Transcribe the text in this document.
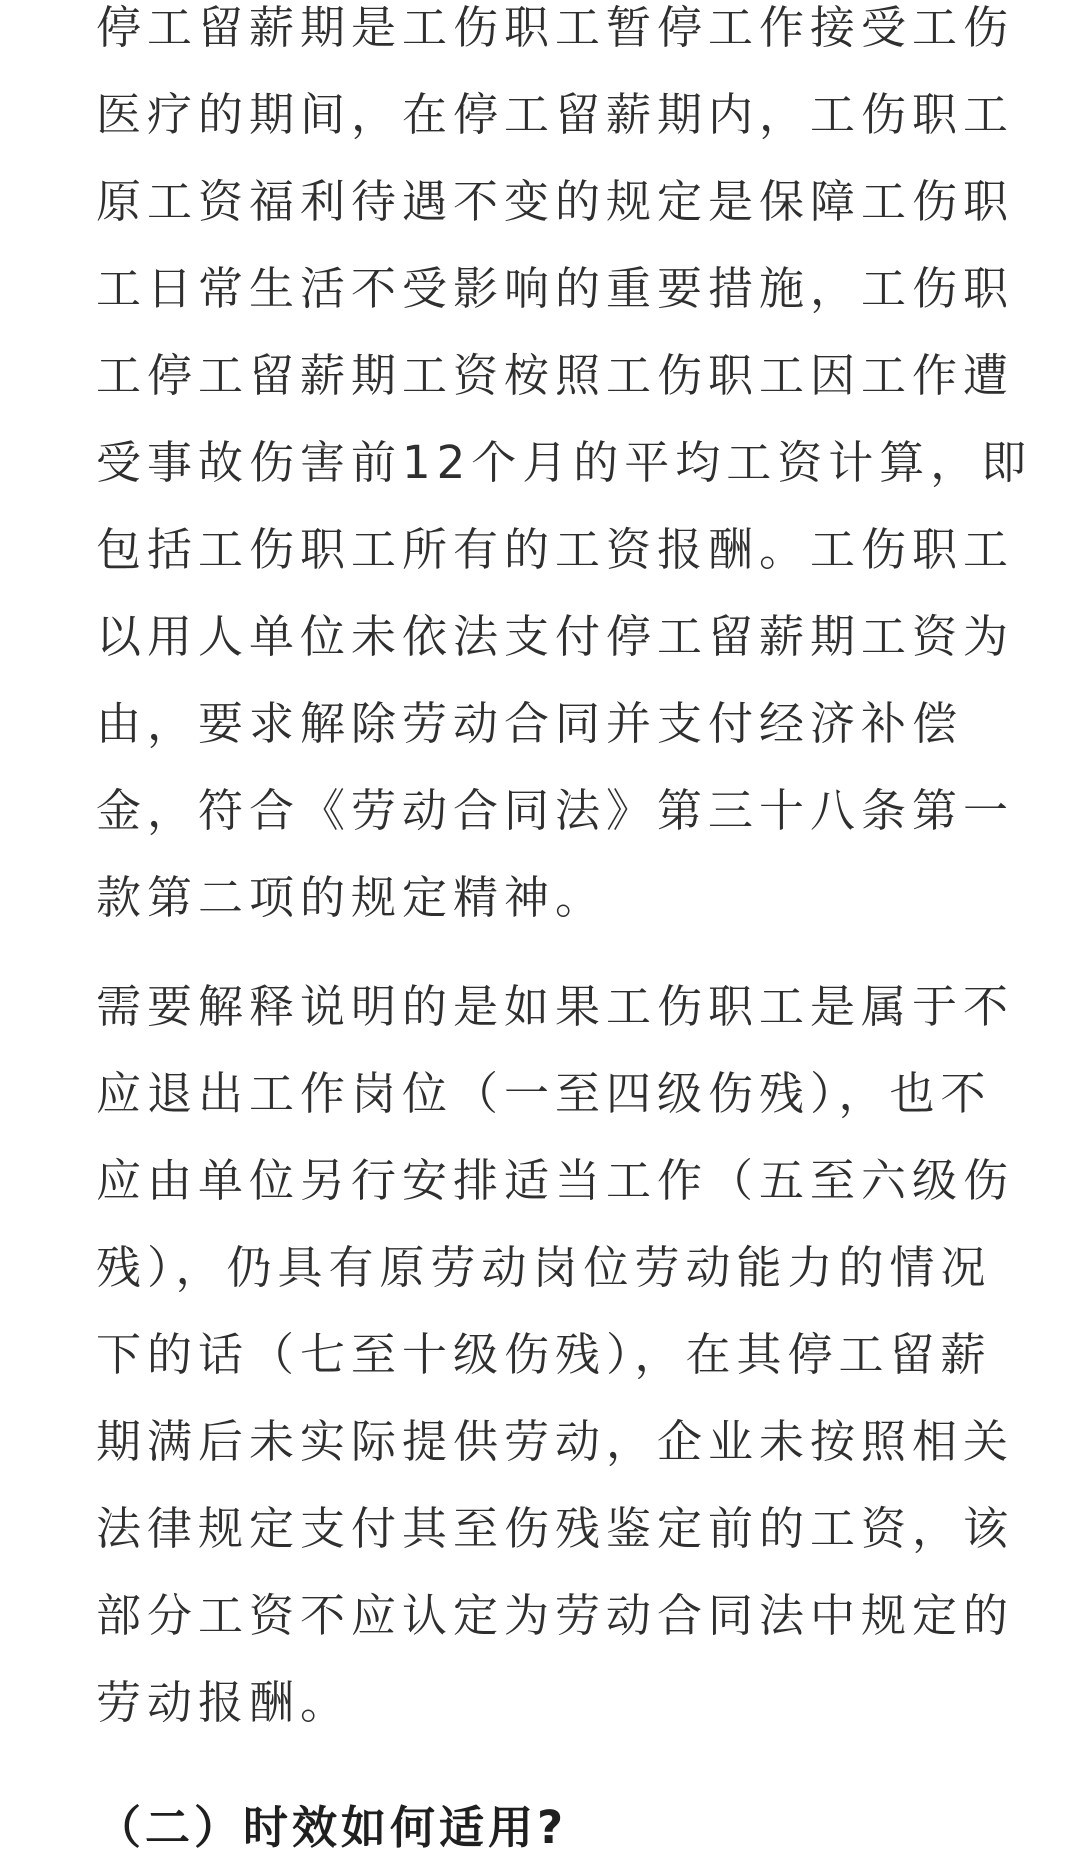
停工留薪期是工伤职工暂停工作接受工伤
医疗的期间，在停工留薪期内，工伤职工
原工资福利待遇不变的规定是保障工伤职
工日常生活不受影响的重要措施，工伤职
工停工留薪期工资桉照工伤职工因工作遭
受事故伤害前12个月的平均工资计算，即
包括工伤职工所有的工资报酬。工伤职工
以用人单位未依法支付停工留薪期工资为
由，要求解除劳动合同并支付经济补偿
金，符合《劳动合同法》第三十八条第一
款第二项的规定精神。
需要解释说明的是如果工伤职工是属于不
应退出工作岗位（一至四级伤残），也不
应由单位另行安排适当工作（五至六级伤
残），仍具有原劳动岗位劳动能力的情况
下的话（七至十级伤残），在其停工留薪
期满后未实际提供劳动，企业未按照相关
法律规定支付其至伤残鉴定前的工资，该
部分工资不应认定为劳动合同法中规定的
劳动报酬。
（二）时效如何适用?
